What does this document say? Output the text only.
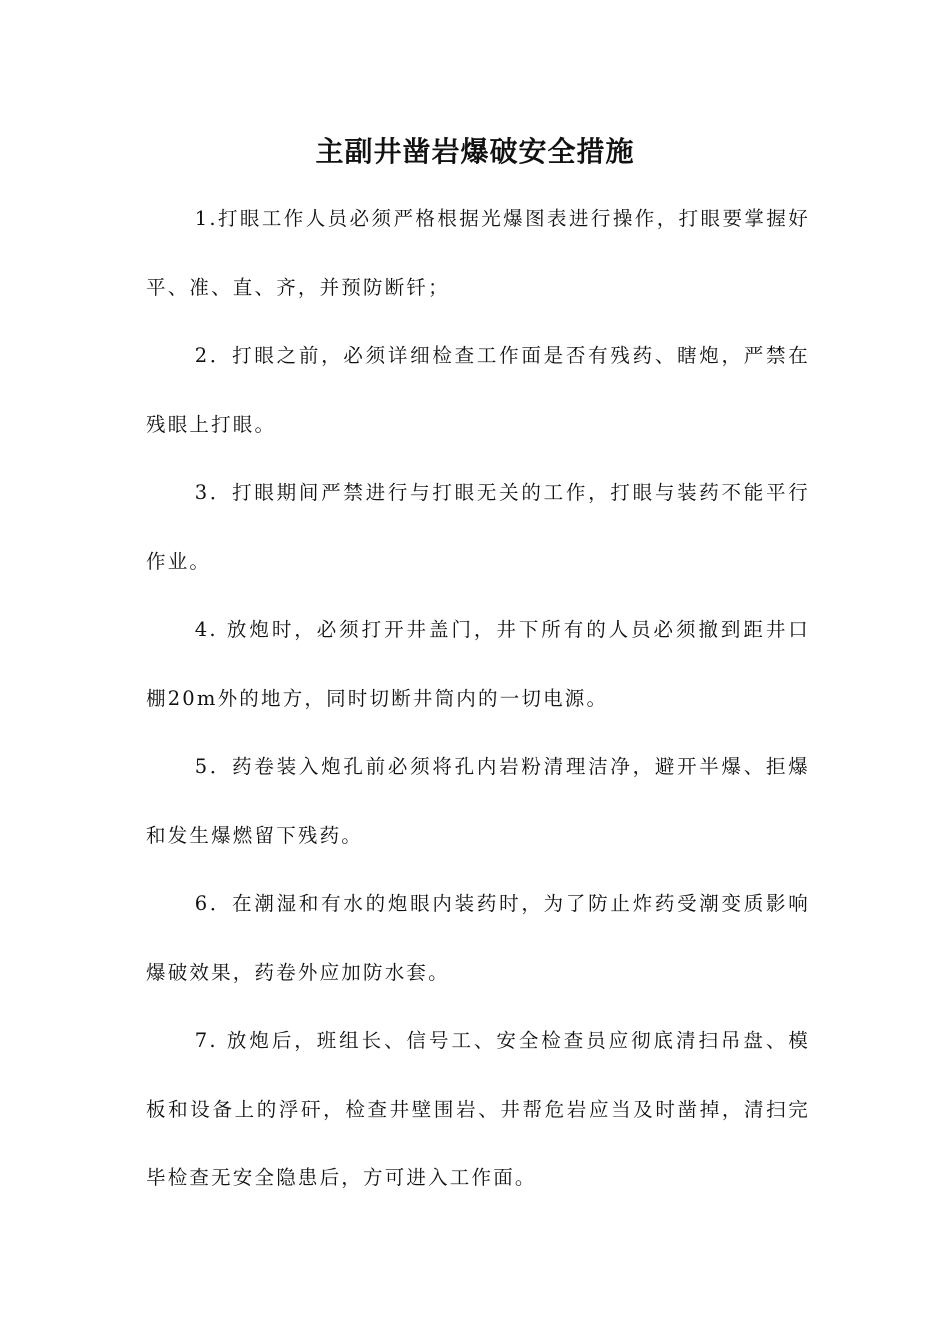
主副井凿岩爆破安全措施

1.打眼工作人员必须严格根据光爆图表进行操作，打眼要掌握好平、准、直、齐，并预防断钎；

2．打眼之前，必须详细检查工作面是否有残药、瞎炮，严禁在残眼上打眼。

3．打眼期间严禁进行与打眼无关的工作，打眼与装药不能平行作业。

4. 放炮时，必须打开井盖门，井下所有的人员必须撤到距井口棚20m外的地方，同时切断井筒内的一切电源。

5．药卷装入炮孔前必须将孔内岩粉清理洁净，避开半爆、拒爆和发生爆燃留下残药。

6．在潮湿和有水的炮眼内装药时，为了防止炸药受潮变质影响爆破效果，药卷外应加防水套。

7. 放炮后，班组长、信号工、安全检查员应彻底清扫吊盘、模板和设备上的浮矸，检查井壁围岩、井帮危岩应当及时凿掉，清扫完毕检查无安全隐患后，方可进入工作面。
